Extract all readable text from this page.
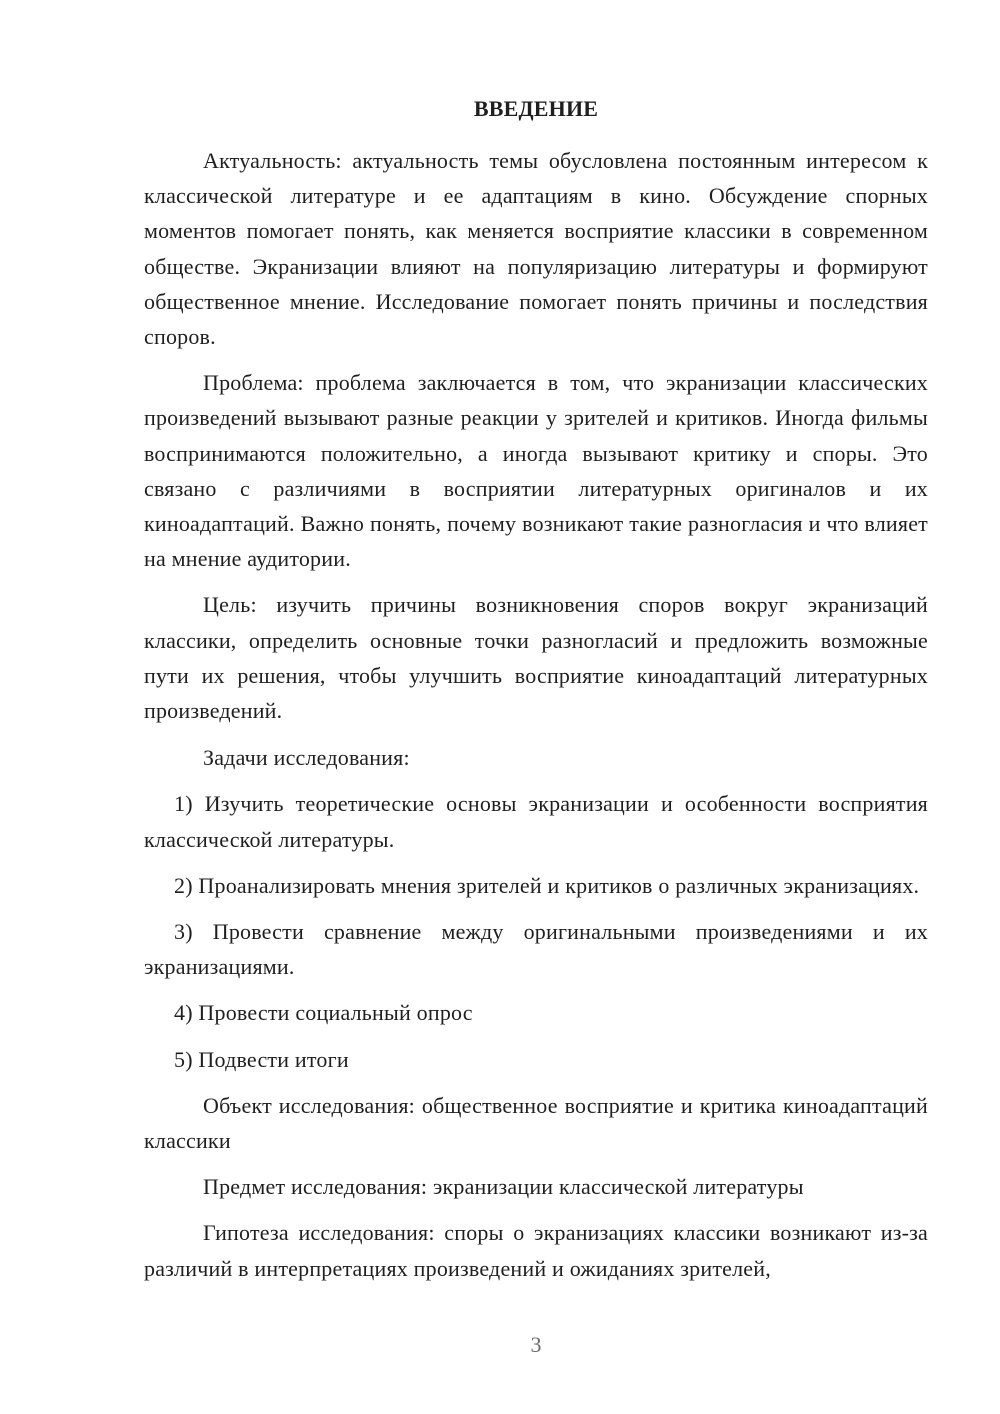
ВВЕДЕНИЕ

Актуальность: актуальность темы обусловлена постоянным интересом к классической литературе и ее адаптациям в кино. Обсуждение спорных моментов помогает понять, как меняется восприятие классики в современном обществе. Экранизации влияют на популяризацию литературы и формируют общественное мнение. Исследование помогает понять причины и последствия споров.

Проблема: проблема заключается в том, что экранизации классических произведений вызывают разные реакции у зрителей и критиков. Иногда фильмы воспринимаются положительно, а иногда вызывают критику и споры. Это связано с различиями в восприятии литературных оригиналов и их киноадаптаций. Важно понять, почему возникают такие разногласия и что влияет на мнение аудитории.

Цель: изучить причины возникновения споров вокруг экранизаций классики, определить основные точки разногласий и предложить возможные пути их решения, чтобы улучшить восприятие киноадаптаций литературных произведений.

Задачи исследования:

1) Изучить теоретические основы экранизации и особенности восприятия классической литературы.

2) Проанализировать мнения зрителей и критиков о различных экранизациях.

3) Провести сравнение между оригинальными произведениями и их экранизациями.

4) Провести социальный опрос

5) Подвести итоги

Объект исследования: общественное восприятие и критика киноадаптаций классики

Предмет исследования: экранизации классической литературы

Гипотеза исследования: споры о экранизациях классики возникают из-за различий в интерпретациях произведений и ожиданиях зрителей,

3
